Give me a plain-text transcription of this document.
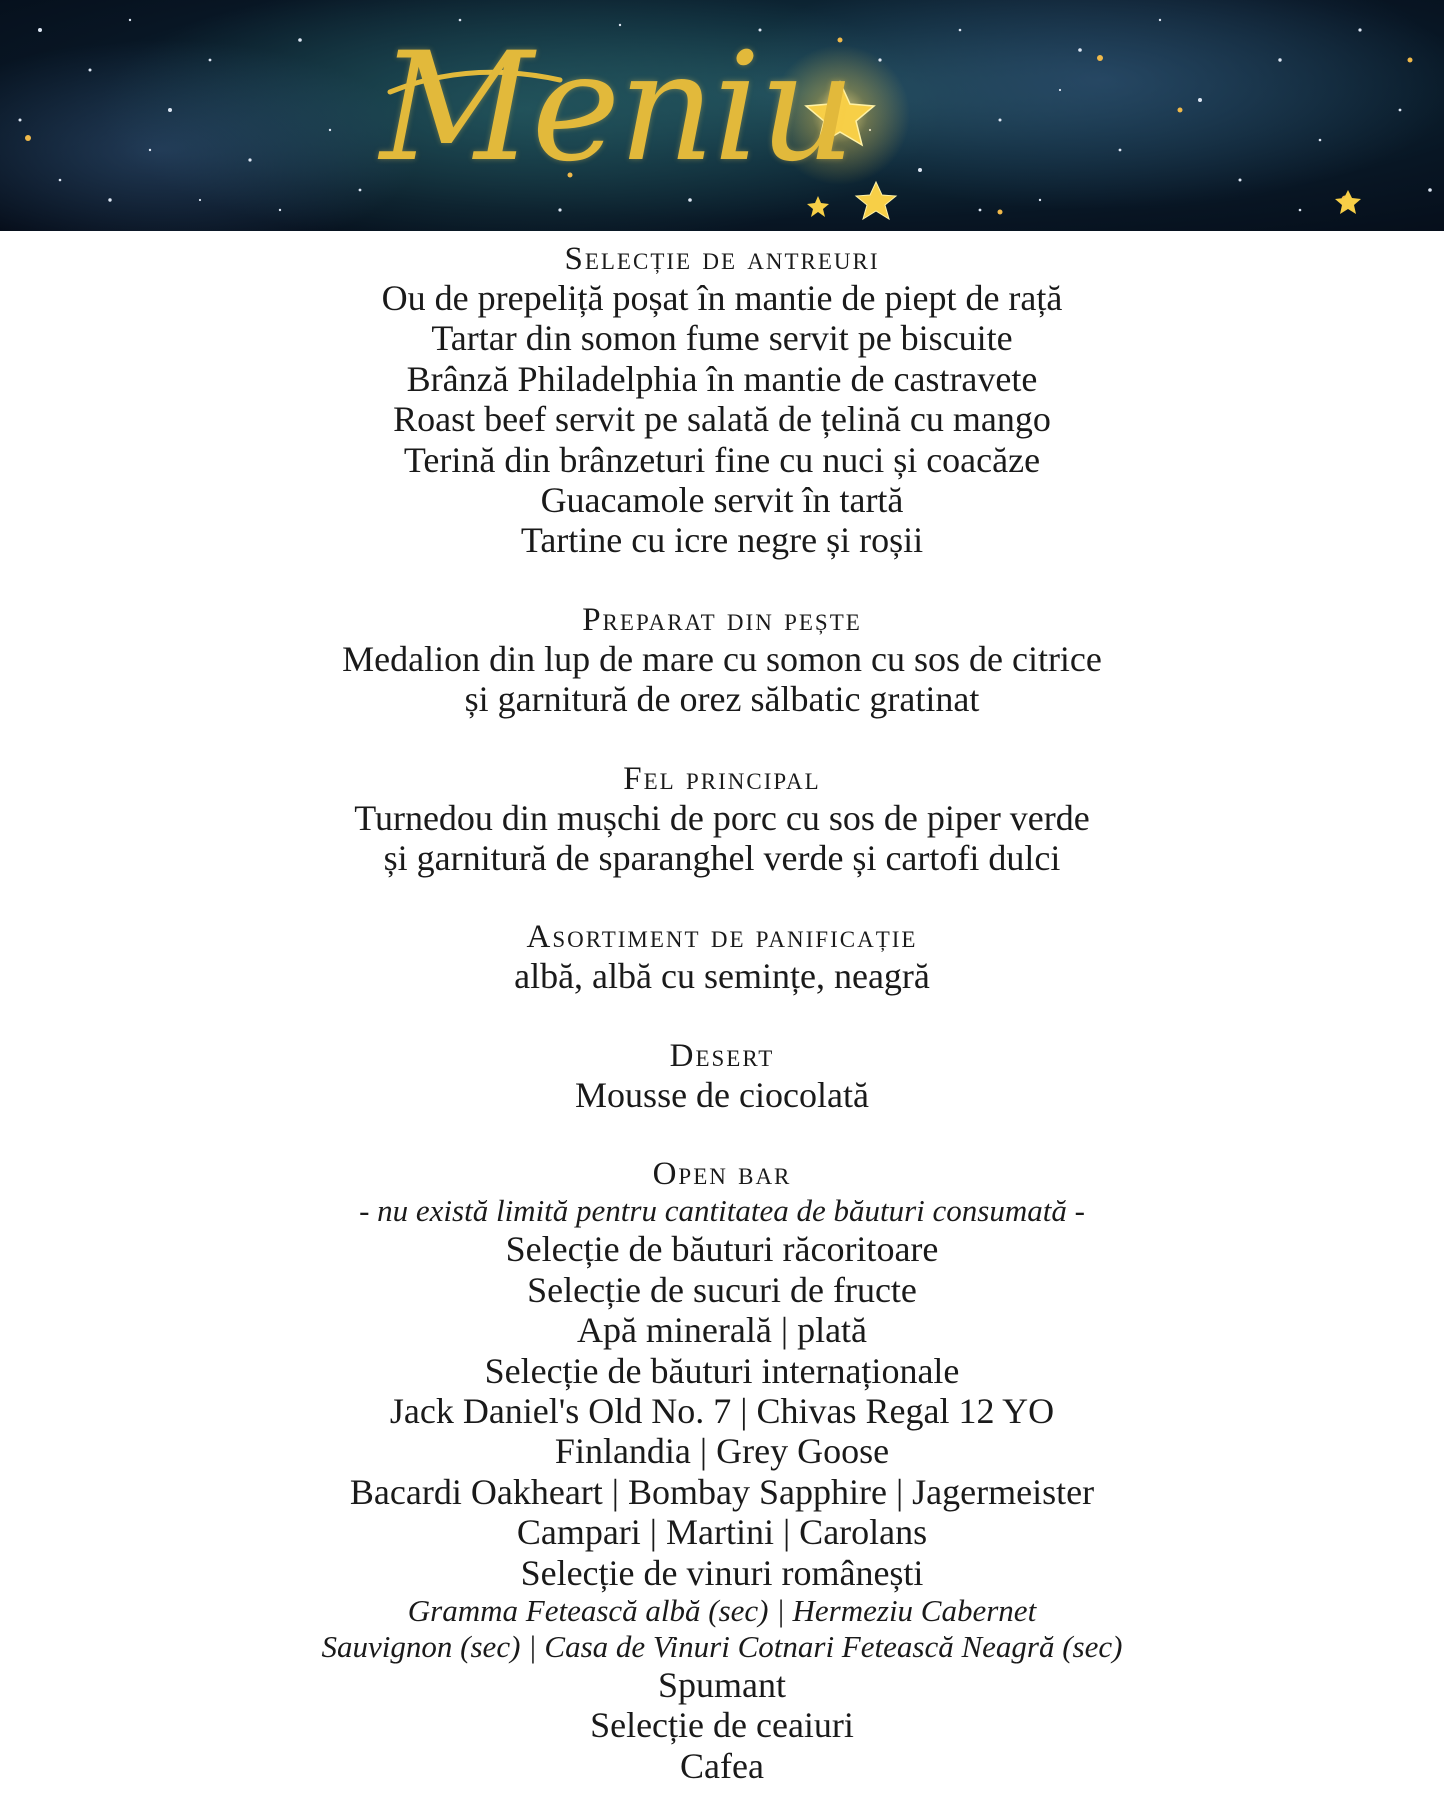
Meniu

Selecție de antreuri

Ou de prepeliță poșat în mantie de piept de rață

Tartar din somon fume servit pe biscuite

Brânză Philadelphia în mantie de castravete

Roast beef servit pe salată de țelină cu mango

Terină din brânzeturi fine cu nuci și coacăze

Guacamole servit în tartă

Tartine cu icre negre și roșii

Preparat din pește

Medalion din lup de mare cu somon cu sos de citrice

și garnitură de orez sălbatic gratinat

Fel principal

Turnedou din mușchi de porc cu sos de piper verde

și garnitură de sparanghel verde și cartofi dulci

Asortiment de panificație

albă, albă cu semințe, neagră

Desert

Mousse de ciocolată

Open bar

- nu există limită pentru cantitatea de băuturi consumată -

Selecție de băuturi răcoritoare

Selecție de sucuri de fructe

Apă minerală | plată

Selecție de băuturi internaționale

Jack Daniel's Old No. 7 | Chivas Regal 12 YO

Finlandia | Grey Goose

Bacardi Oakheart | Bombay Sapphire | Jagermeister

Campari | Martini | Carolans

Selecție de vinuri românești

Gramma Fetească albă (sec) | Hermeziu Cabernet

Sauvignon (sec) | Casa de Vinuri Cotnari Fetească Neagră (sec)

Spumant

Selecție de ceaiuri

Cafea
